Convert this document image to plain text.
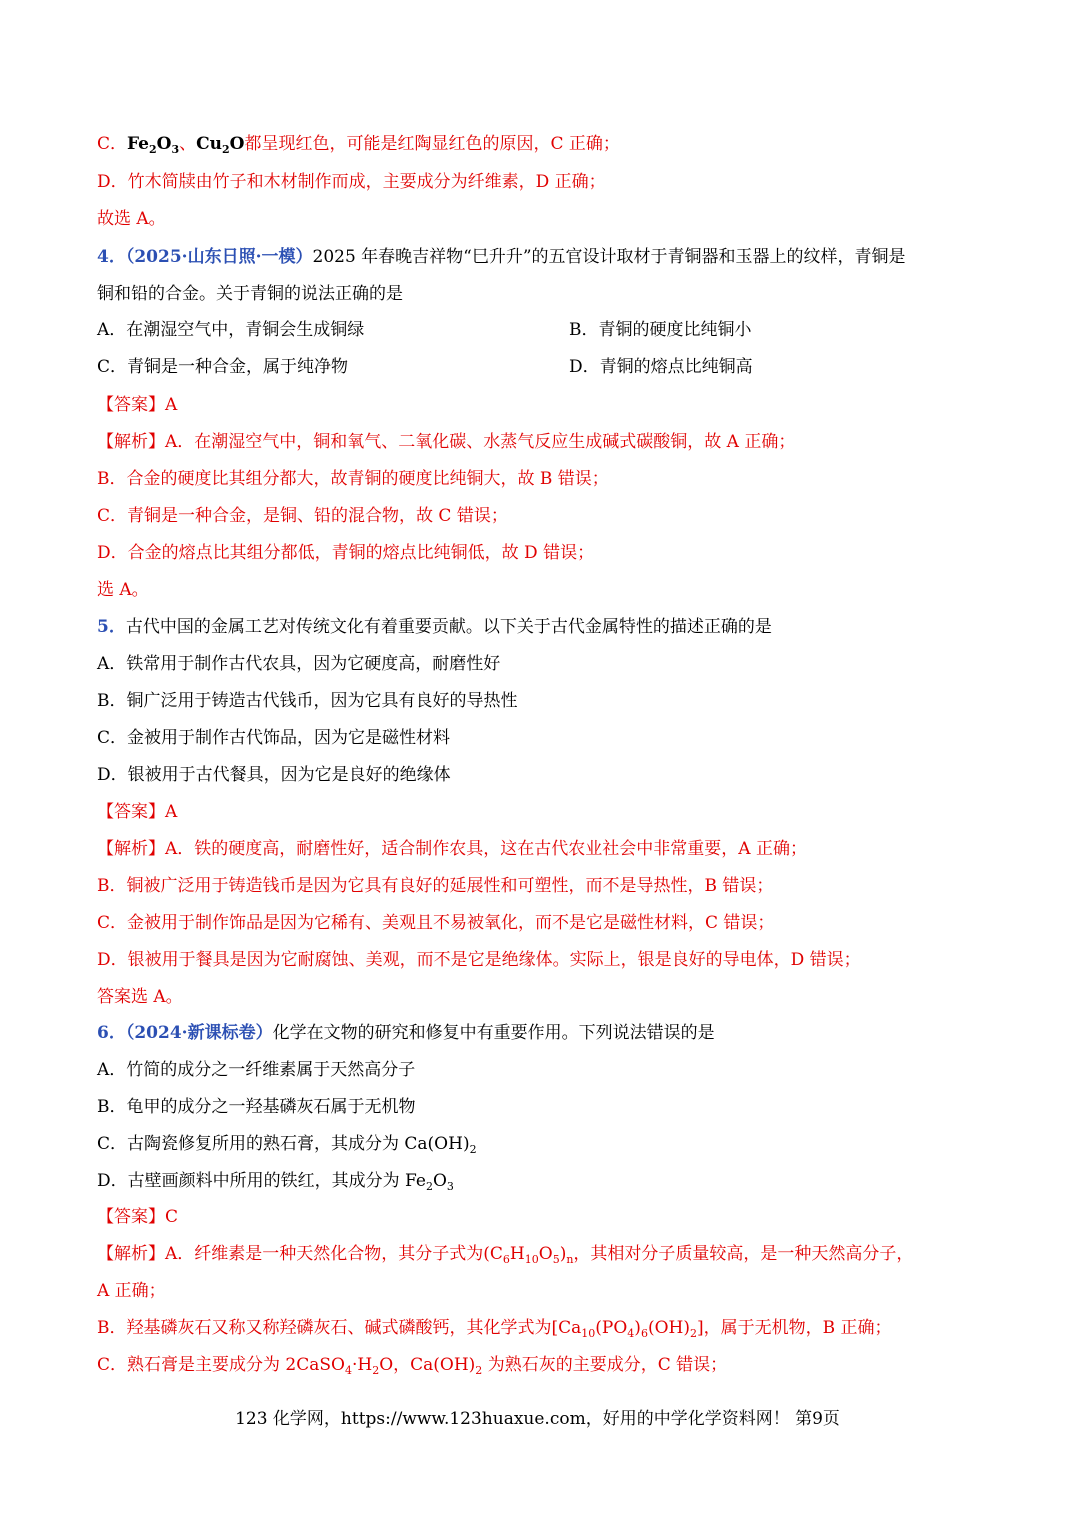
C．$Fe_2O_3$、$Cu_2O$都呈现红色，可能是红陶显红色的原因，C 正确；
D．竹木简牍由竹子和木材制作而成，主要成分为纤维素，D 正确；
故选 A。
4．（2025·山东日照·一模）2025 年春晚吉祥物“巳升升”的五官设计取材于青铜器和玉器上的纹样，青铜是
铜和铅的合金。关于青铜的说法正确的是
A．在潮湿空气中，青铜会生成铜绿	B．青铜的硬度比纯铜小
C．青铜是一种合金，属于纯净物	D．青铜的熔点比纯铜高
【答案】A
【解析】A．在潮湿空气中，铜和氧气、二氧化碳、水蒸气反应生成碱式碳酸铜，故 A 正确；
B．合金的硬度比其组分都大，故青铜的硬度比纯铜大，故 B 错误；
C．青铜是一种合金，是铜、铅的混合物，故 C 错误；
D．合金的熔点比其组分都低，青铜的熔点比纯铜低，故 D 错误；
选 A。
5．古代中国的金属工艺对传统文化有着重要贡献。以下关于古代金属特性的描述正确的是
A．铁常用于制作古代农具，因为它硬度高，耐磨性好
B．铜广泛用于铸造古代钱币，因为它具有良好的导热性
C．金被用于制作古代饰品，因为它是磁性材料
D．银被用于古代餐具，因为它是良好的绝缘体
【答案】A
【解析】A．铁的硬度高，耐磨性好，适合制作农具，这在古代农业社会中非常重要，A 正确；
B．铜被广泛用于铸造钱币是因为它具有良好的延展性和可塑性，而不是导热性，B 错误；
C．金被用于制作饰品是因为它稀有、美观且不易被氧化，而不是它是磁性材料，C 错误；
D．银被用于餐具是因为它耐腐蚀、美观，而不是它是绝缘体。实际上，银是良好的导电体，D 错误；
答案选 A。
6．（2024·新课标卷）化学在文物的研究和修复中有重要作用。下列说法错误的是
A．竹简的成分之一纤维素属于天然高分子
B．龟甲的成分之一羟基磷灰石属于无机物
C．古陶瓷修复所用的熟石膏，其成分为 $Ca(OH)_2$
D．古壁画颜料中所用的铁红，其成分为 $Fe_2O_3$
【答案】C
【解析】A．纤维素是一种天然化合物，其分子式为$(C_6H_{10}O_5)_n$，其相对分子质量较高，是一种天然高分子，
A 正确；
B．羟基磷灰石又称又称羟磷灰石、碱式磷酸钙，其化学式为$[Ca_{10}(PO_4)_6(OH)_2]$，属于无机物，B 正确；
C．熟石膏是主要成分为 $2CaSO_4\cdot H_2O$，$Ca(OH)_2$ 为熟石灰的主要成分，C 错误；
123 化学网，https://www.123huaxue.com，好用的中学化学资料网！ 第9页
